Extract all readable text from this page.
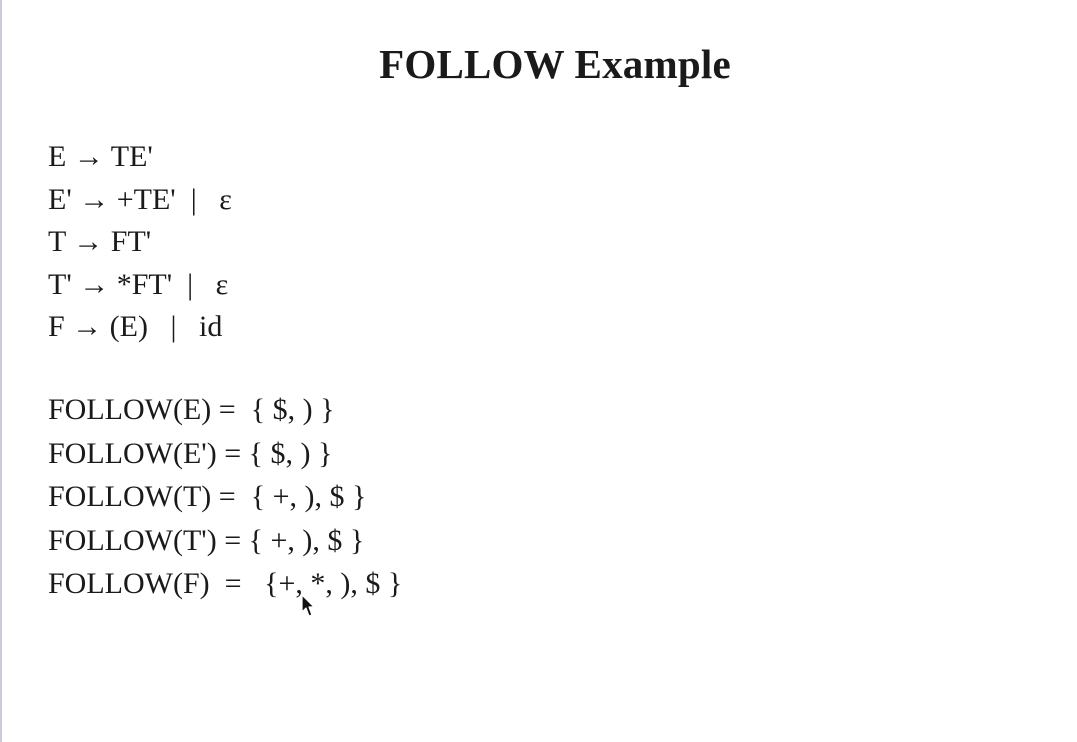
FOLLOW Example
E → TE'
E' → +TE'  |   ε
T → FT'
T' → *FT'  |   ε
F → (E)   |   id
FOLLOW(E) =  { $, ) }
FOLLOW(E') = { $, ) }
FOLLOW(T) =  { +, ), $ }
FOLLOW(T') = { +, ), $ }
FOLLOW(F)  =   {+, *, ), $ }
